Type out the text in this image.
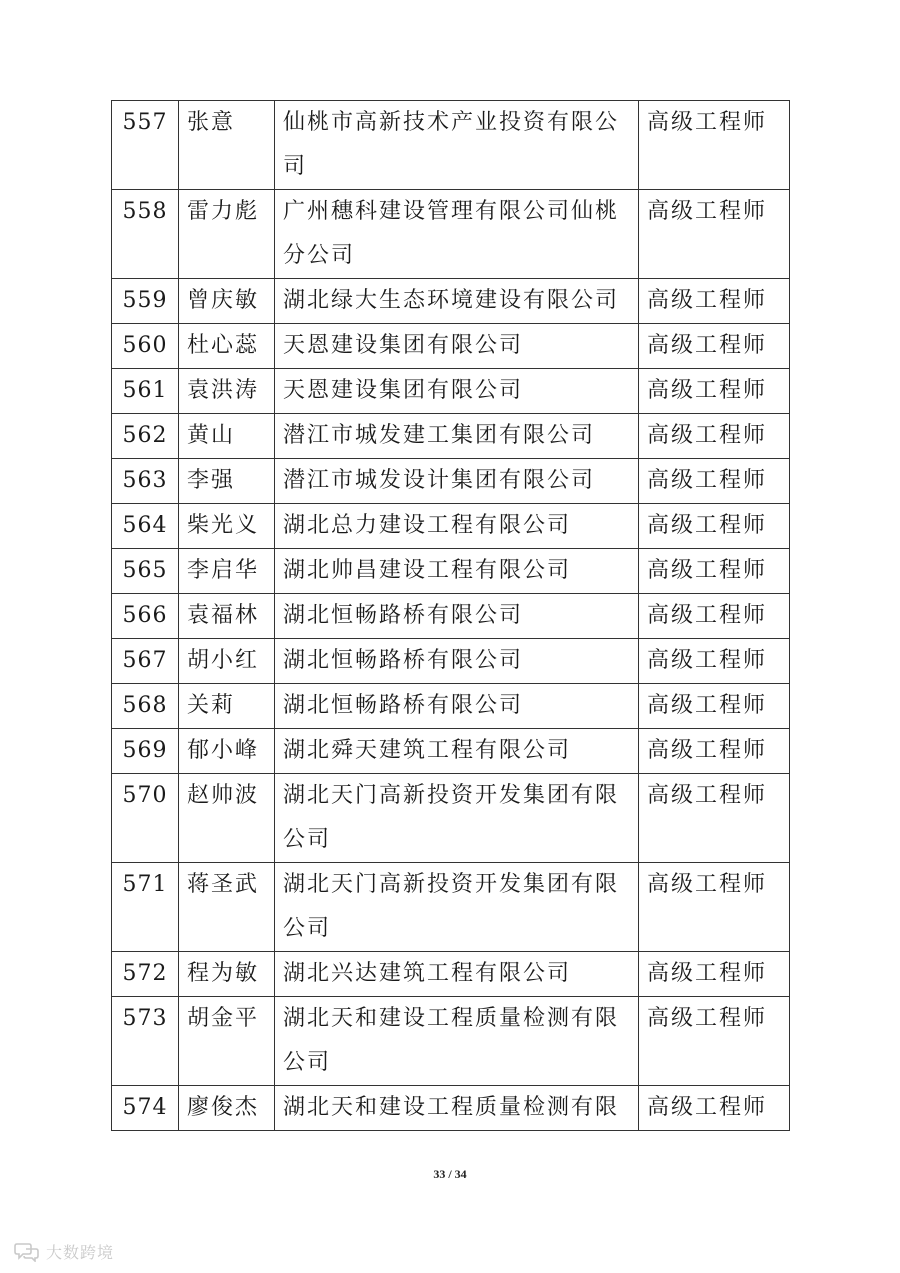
557	张意	仙桃市高新技术产业投资有限公司	高级工程师
558	雷力彪	广州穗科建设管理有限公司仙桃分公司	高级工程师
559	曾庆敏	湖北绿大生态环境建设有限公司	高级工程师
560	杜心蕊	天恩建设集团有限公司	高级工程师
561	袁洪涛	天恩建设集团有限公司	高级工程师
562	黄山	潜江市城发建工集团有限公司	高级工程师
563	李强	潜江市城发设计集团有限公司	高级工程师
564	柴光义	湖北总力建设工程有限公司	高级工程师
565	李启华	湖北帅昌建设工程有限公司	高级工程师
566	袁福林	湖北恒畅路桥有限公司	高级工程师
567	胡小红	湖北恒畅路桥有限公司	高级工程师
568	关莉	湖北恒畅路桥有限公司	高级工程师
569	郁小峰	湖北舜天建筑工程有限公司	高级工程师
570	赵帅波	湖北天门高新投资开发集团有限公司	高级工程师
571	蒋圣武	湖北天门高新投资开发集团有限公司	高级工程师
572	程为敏	湖北兴达建筑工程有限公司	高级工程师
573	胡金平	湖北天和建设工程质量检测有限公司	高级工程师
574	廖俊杰	湖北天和建设工程质量检测有限	高级工程师
33 / 34
大数跨境
